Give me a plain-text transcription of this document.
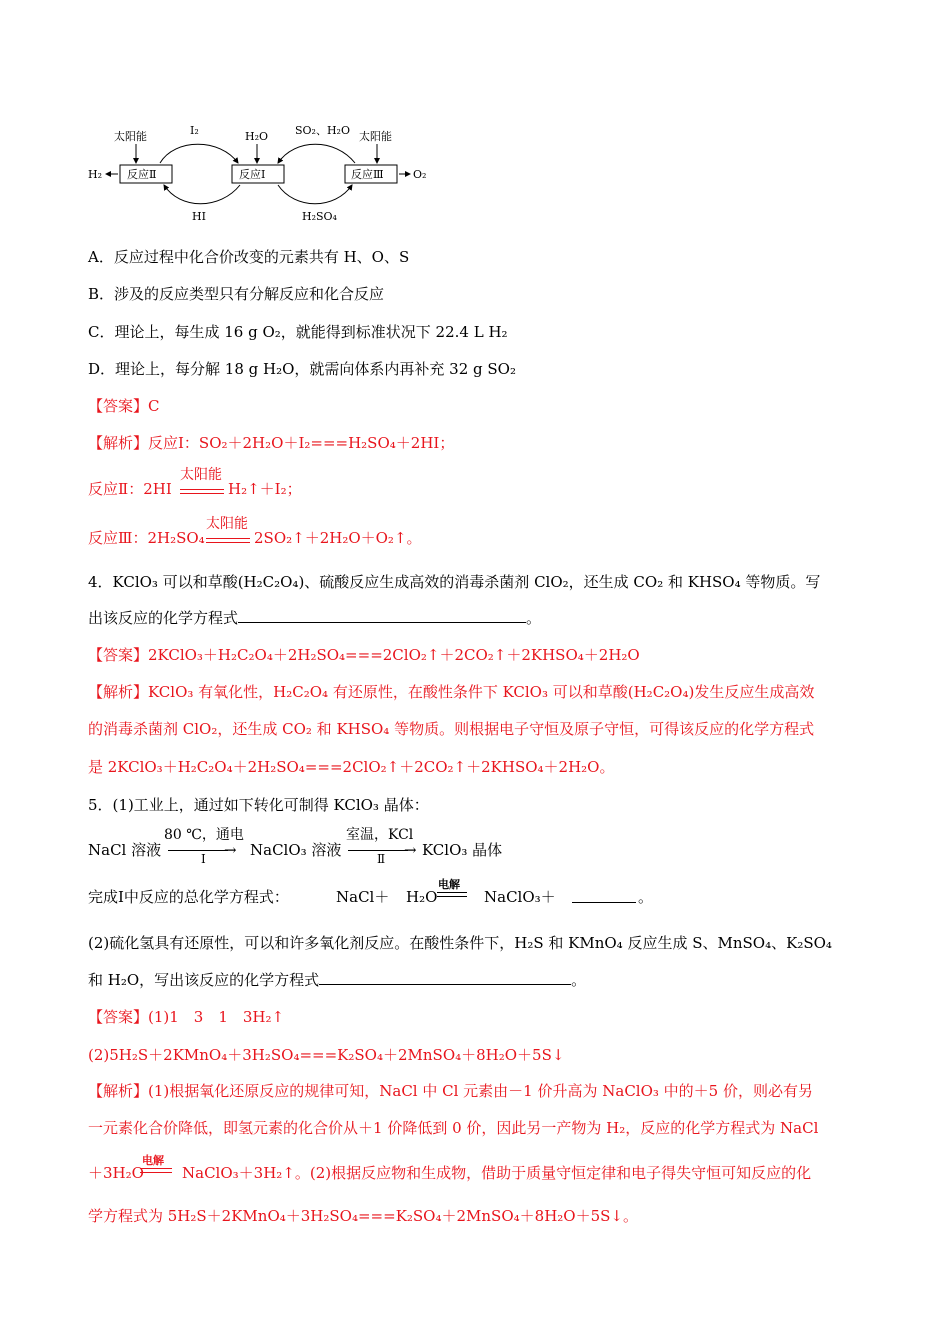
反应Ⅱ	反应Ⅰ	反应Ⅲ
太阳能	H₂O	太阳能
H₂	O₂
I₂
HI
SO₂、H₂O
H₂SO₄
A．反应过程中化合价改变的元素共有 H、O、S
B．涉及的反应类型只有分解反应和化合反应
C．理论上，每生成 16 g O₂，就能得到标准状况下 22.4 L H₂
D．理论上，每分解 18 g H₂O，就需向体系内再补充 32 g SO₂
【答案】C
【解析】反应Ⅰ：SO₂＋2H₂O＋I₂===H₂SO₄＋2HI；
反应Ⅱ：2HI
太阳能
H₂↑＋I₂；
反应Ⅲ：2H₂SO₄
太阳能
2SO₂↑＋2H₂O＋O₂↑。
4．KClO₃ 可以和草酸(H₂C₂O₄)、硫酸反应生成高效的消毒杀菌剂 ClO₂，还生成 CO₂ 和 KHSO₄ 等物质。写
出该反应的化学方程式	。
【答案】2KClO₃＋H₂C₂O₄＋2H₂SO₄===2ClO₂↑＋2CO₂↑＋2KHSO₄＋2H₂O
【解析】KClO₃ 有氧化性，H₂C₂O₄ 有还原性，在酸性条件下 KClO₃ 可以和草酸(H₂C₂O₄)发生反应生成高效
的消毒杀菌剂 ClO₂，还生成 CO₂ 和 KHSO₄ 等物质。则根据电子守恒及原子守恒，可得该反应的化学方程式
是 2KClO₃＋H₂C₂O₄＋2H₂SO₄===2ClO₂↑＋2CO₂↑＋2KHSO₄＋2H₂O。
5．(1)工业上，通过如下转化可制得 KClO₃ 晶体：
NaCl 溶液
80 ℃，通电
→
Ⅰ	NaClO₃ 溶液
室温，KCl
→
Ⅱ KClO₃ 晶体
完成Ⅰ中反应的总化学方程式：	NaCl＋ H₂O
电解
NaClO₃＋	。
(2)硫化氢具有还原性，可以和许多氧化剂反应。在酸性条件下，H₂S 和 KMnO₄ 反应生成 S、MnSO₄、K₂SO₄
和 H₂O，写出该反应的化学方程式	。
【答案】(1)1　3　1　3H₂↑
(2)5H₂S＋2KMnO₄＋3H₂SO₄===K₂SO₄＋2MnSO₄＋8H₂O＋5S↓
【解析】(1)根据氧化还原反应的规律可知，NaCl 中 Cl 元素由－1 价升高为 NaClO₃ 中的＋5 价，则必有另
一元素化合价降低，即氢元素的化合价从＋1 价降低到 0 价，因此另一产物为 H₂，反应的化学方程式为 NaCl
＋3H₂O
电解
NaClO₃＋3H₂↑。(2)根据反应物和生成物，借助于质量守恒定律和电子得失守恒可知反应的化
学方程式为 5H₂S＋2KMnO₄＋3H₂SO₄===K₂SO₄＋2MnSO₄＋8H₂O＋5S↓。
